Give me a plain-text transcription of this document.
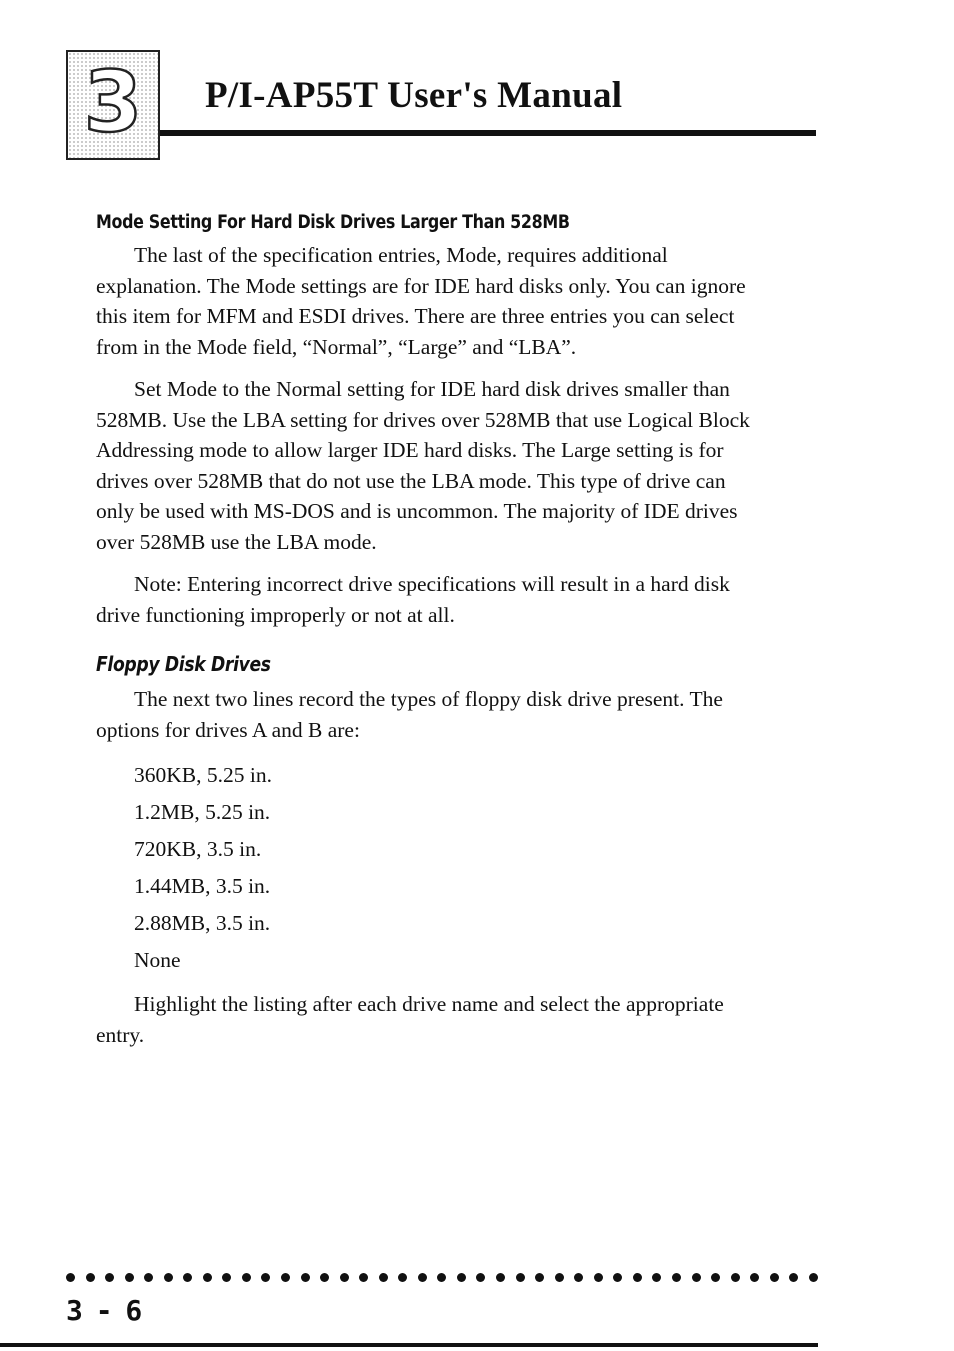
3	P/I-AP55T User's Manual
Mode Setting For Hard Disk Drives Larger Than 528MB

The last of the specification entries, Mode, requires additional explanation. The Mode settings are for IDE hard disks only. You can ignore this item for MFM and ESDI drives. There are three entries you can select from in the Mode field, “Normal”, “Large” and “LBA”.

Set Mode to the Normal setting for IDE hard disk drives smaller than 528MB. Use the LBA setting for drives over 528MB that use Logical Block Addressing mode to allow larger IDE hard disks. The Large setting is for drives over 528MB that do not use the LBA mode. This type of drive can only be used with MS-DOS and is uncommon. The majority of IDE drives over 528MB use the LBA mode.

Note: Entering incorrect drive specifications will result in a hard disk drive functioning improperly or not at all.

Floppy Disk Drives

The next two lines record the types of floppy disk drive present. The options for drives A and B are:

360KB, 5.25 in.
1.2MB, 5.25 in.
720KB, 3.5 in.
1.44MB, 3.5 in.
2.88MB, 3.5 in.
None

Highlight the listing after each drive name and select the appropriate entry.

3 - 6
